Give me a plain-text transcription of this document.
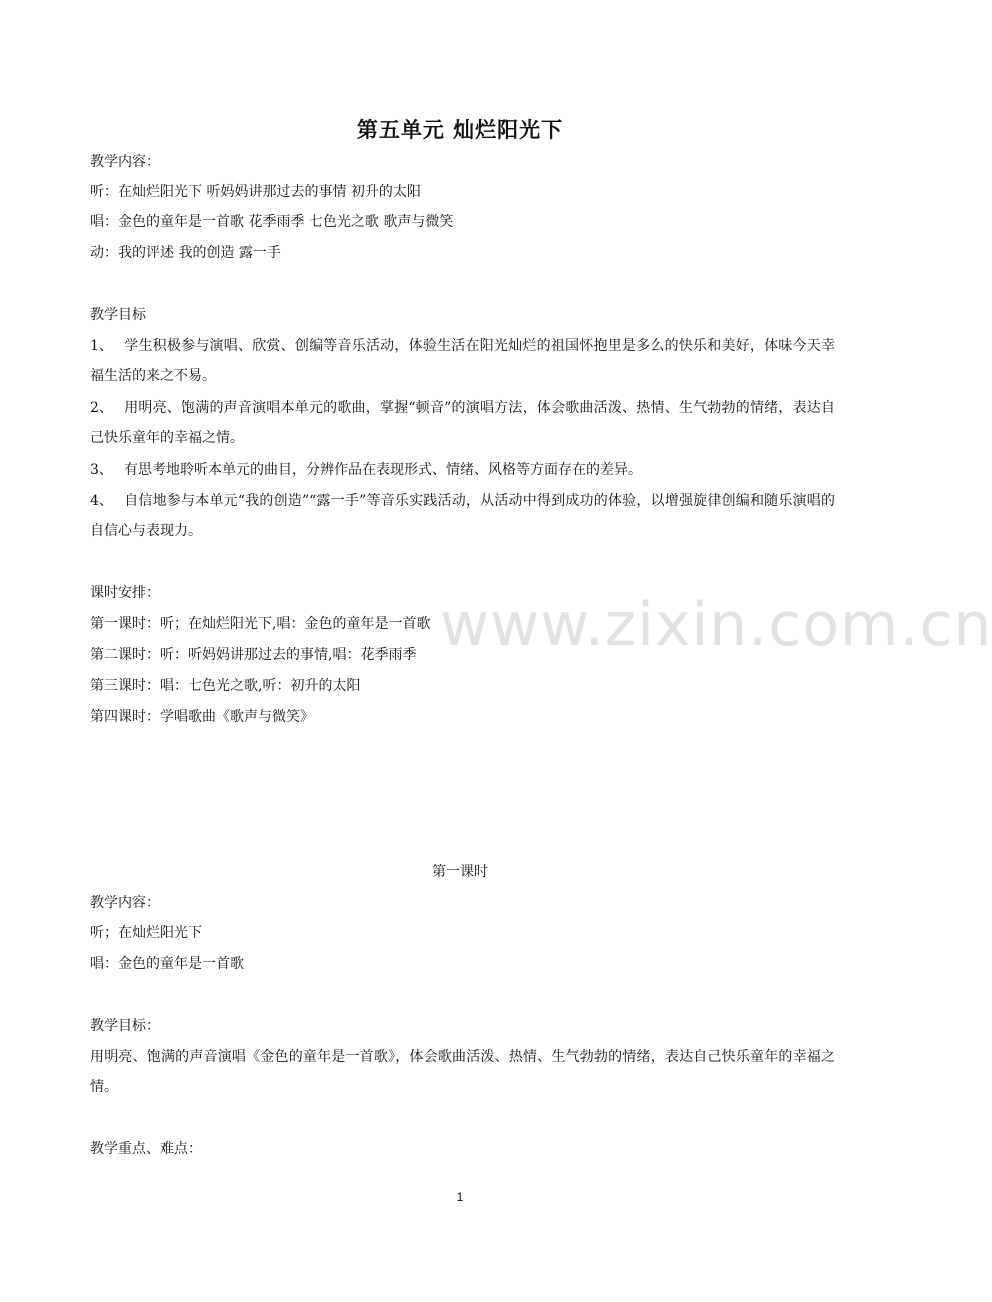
www.zixin.com.cn
第五单元 灿烂阳光下
教学内容：
听：在灿烂阳光下 听妈妈讲那过去的事情 初升的太阳
唱：金色的童年是一首歌 花季雨季 七色光之歌 歌声与微笑
动：我的评述 我的创造 露一手
教学目标
1、 学生积极参与演唱、欣赏、创编等音乐活动，体验生活在阳光灿烂的祖国怀抱里是多么的快乐和美好，体味今天幸福生活的来之不易。
2、 用明亮、饱满的声音演唱本单元的歌曲，掌握“顿音”的演唱方法，体会歌曲活泼、热情、生气勃勃的情绪，表达自己快乐童年的幸福之情。
3、 有思考地聆听本单元的曲目，分辨作品在表现形式、情绪、风格等方面存在的差异。
4、 自信地参与本单元“我的创造”“露一手”等音乐实践活动，从活动中得到成功的体验，以增强旋律创编和随乐演唱的自信心与表现力。
课时安排：
第一课时：听；在灿烂阳光下,唱：金色的童年是一首歌
第二课时：听：听妈妈讲那过去的事情,唱：花季雨季
第三课时：唱：七色光之歌,听：初升的太阳
第四课时：学唱歌曲《歌声与微笑》
第一课时
教学内容：
听；在灿烂阳光下
唱：金色的童年是一首歌
教学目标：
用明亮、饱满的声音演唱《金色的童年是一首歌》，体会歌曲活泼、热情、生气勃勃的情绪，表达自己快乐童年的幸福之情。
教学重点、难点：
1
